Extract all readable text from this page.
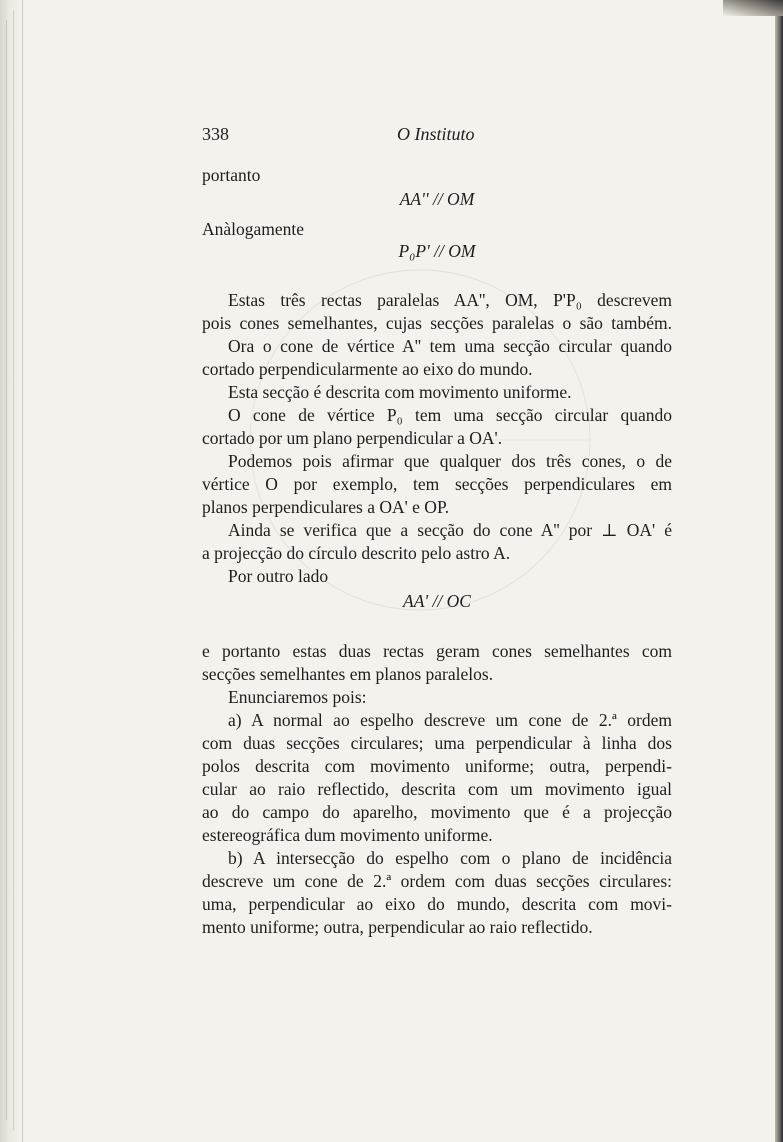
338	O Instituto
portanto
AA'' // OM
Anàlogamente
P₀P' // OM
Estas três rectas paralelas AA'', OM, P'P₀ descrevem
pois cones semelhantes, cujas secções paralelas o são também.
Ora o cone de vértice A'' tem uma secção circular quando
cortado perpendicularmente ao eixo do mundo.
Esta secção é descrita com movimento uniforme.
O cone de vértice P₀ tem uma secção circular quando
cortado por um plano perpendicular a OA'.
Podemos pois afirmar que qualquer dos três cones, o de
vértice O por exemplo, tem secções perpendiculares em
planos perpendiculares a OA' e OP.
Ainda se verifica que a secção do cone A'' por ⊥ OA' é
a projecção do círculo descrito pelo astro A.
Por outro lado
AA' // OC
e portanto estas duas rectas geram cones semelhantes com
secções semelhantes em planos paralelos.
Enunciaremos pois:
a) A normal ao espelho descreve um cone de 2.ª ordem
com duas secções circulares; uma perpendicular à linha dos
polos descrita com movimento uniforme; outra, perpendi-
cular ao raio reflectido, descrita com um movimento igual
ao do campo do aparelho, movimento que é a projecção
estereográfica dum movimento uniforme.
b) A intersecção do espelho com o plano de incidência
descreve um cone de 2.ª ordem com duas secções circulares:
uma, perpendicular ao eixo do mundo, descrita com movi-
mento uniforme; outra, perpendicular ao raio reflectido.
